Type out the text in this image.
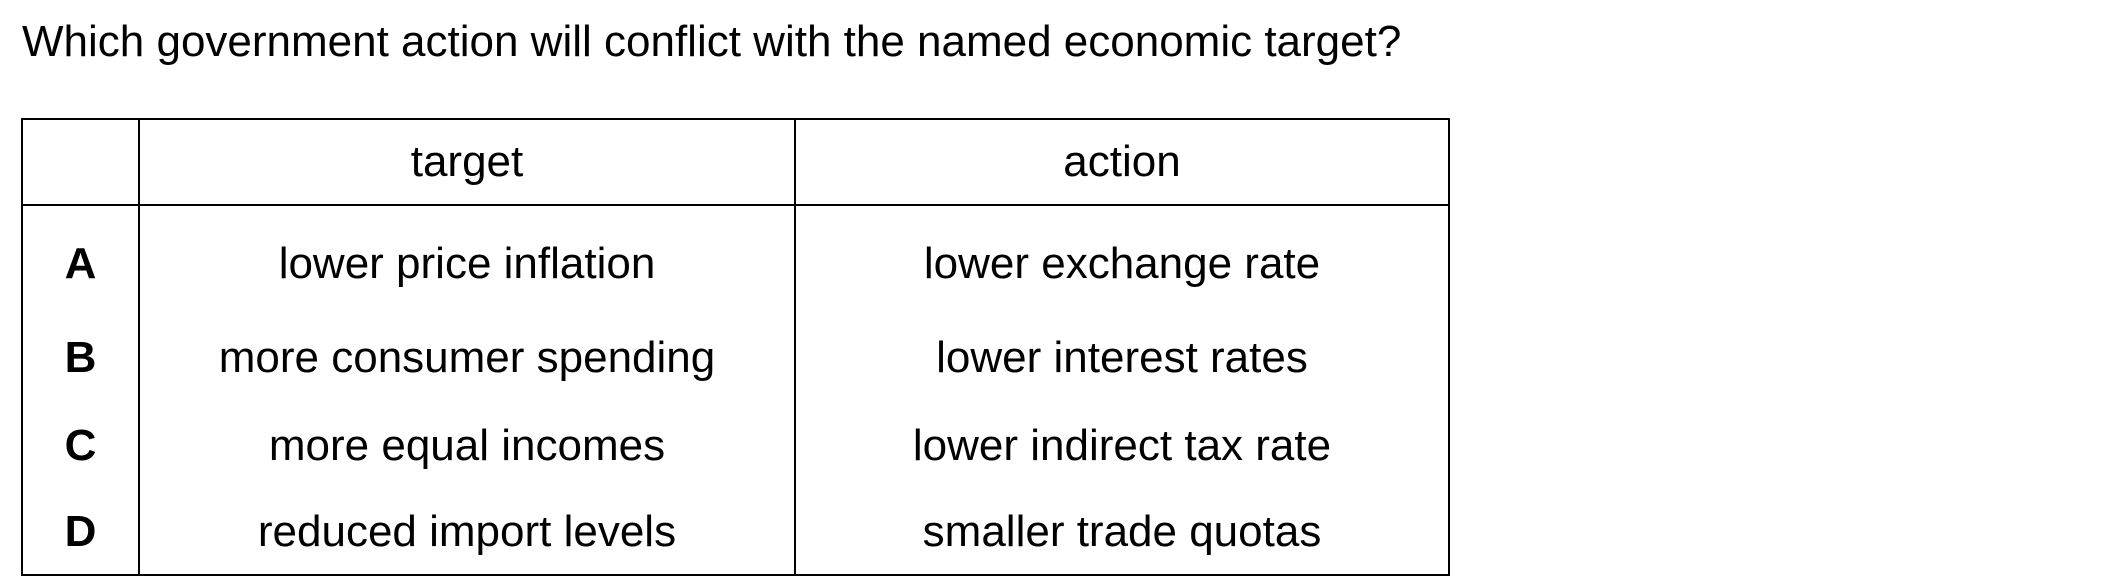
Which government action will conflict with the named economic target?
	target	action
A	lower price inflation	lower exchange rate
B	more consumer spending	lower interest rates
C	more equal incomes	lower indirect tax rate
D	reduced import levels	smaller trade quotas
